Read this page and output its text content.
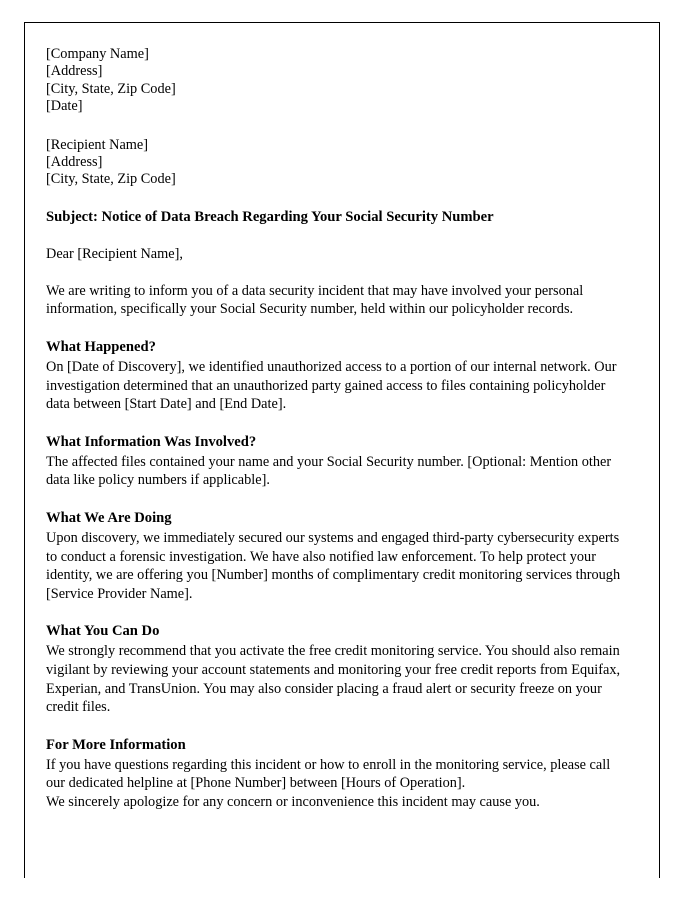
[Company Name]
[Address]
[City, State, Zip Code]
[Date]
[Recipient Name]
[Address]
[City, State, Zip Code]
Subject: Notice of Data Breach Regarding Your Social Security Number
Dear [Recipient Name],

We are writing to inform you of a data security incident that may have involved your personal information, specifically your Social Security number, held within our policyholder records.

What Happened?

On [Date of Discovery], we identified unauthorized access to a portion of our internal network. Our investigation determined that an unauthorized party gained access to files containing policyholder data between [Start Date] and [End Date].

What Information Was Involved?

The affected files contained your name and your Social Security number. [Optional: Mention other data like policy numbers if applicable].

What We Are Doing

Upon discovery, we immediately secured our systems and engaged third-party cybersecurity experts to conduct a forensic investigation. We have also notified law enforcement. To help protect your identity, we are offering you [Number] months of complimentary credit monitoring services through [Service Provider Name].

What You Can Do

We strongly recommend that you activate the free credit monitoring service. You should also remain vigilant by reviewing your account statements and monitoring your free credit reports from Equifax, Experian, and TransUnion. You may also consider placing a fraud alert or security freeze on your credit files.

For More Information

If you have questions regarding this incident or how to enroll in the monitoring service, please call our dedicated helpline at [Phone Number] between [Hours of Operation].

We sincerely apologize for any concern or inconvenience this incident may cause you.
